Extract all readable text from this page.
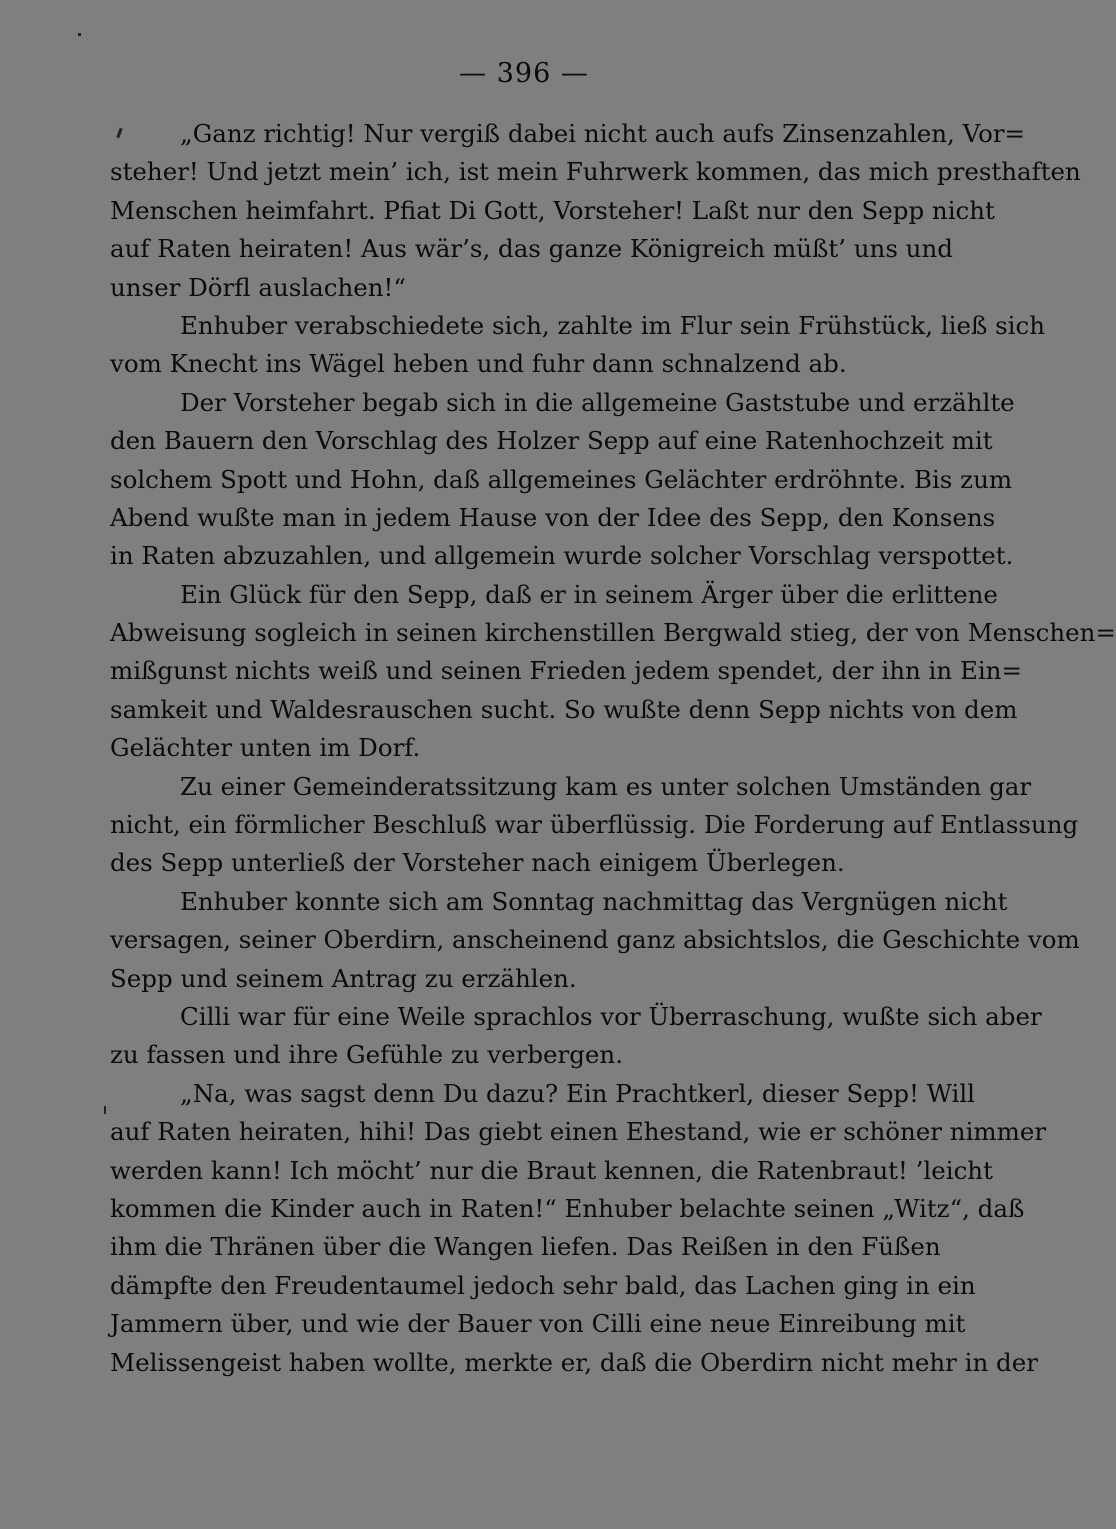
— 396 —
„Ganz richtig! Nur vergiß dabei nicht auch aufs Zinsenzahlen, Vor=
steher! Und jetzt mein’ ich, ist mein Fuhrwerk kommen, das mich presthaften
Menschen heimfahrt. Pfiat Di Gott, Vorsteher! Laßt nur den Sepp nicht
auf Raten heiraten! Aus wär’s, das ganze Königreich müßt’ uns und
unser Dörfl auslachen!“
Enhuber verabschiedete sich, zahlte im Flur sein Frühstück, ließ sich
vom Knecht ins Wägel heben und fuhr dann schnalzend ab.
Der Vorsteher begab sich in die allgemeine Gaststube und erzählte
den Bauern den Vorschlag des Holzer Sepp auf eine Ratenhochzeit mit
solchem Spott und Hohn, daß allgemeines Gelächter erdröhnte. Bis zum
Abend wußte man in jedem Hause von der Idee des Sepp, den Konsens
in Raten abzuzahlen, und allgemein wurde solcher Vorschlag verspottet.
Ein Glück für den Sepp, daß er in seinem Ärger über die erlittene
Abweisung sogleich in seinen kirchenstillen Bergwald stieg, der von Menschen=
mißgunst nichts weiß und seinen Frieden jedem spendet, der ihn in Ein=
samkeit und Waldesrauschen sucht. So wußte denn Sepp nichts von dem
Gelächter unten im Dorf.
Zu einer Gemeinderatssitzung kam es unter solchen Umständen gar
nicht, ein förmlicher Beschluß war überflüssig. Die Forderung auf Entlassung
des Sepp unterließ der Vorsteher nach einigem Überlegen.
Enhuber konnte sich am Sonntag nachmittag das Vergnügen nicht
versagen, seiner Oberdirn, anscheinend ganz absichtslos, die Geschichte vom
Sepp und seinem Antrag zu erzählen.
Cilli war für eine Weile sprachlos vor Überraschung, wußte sich aber
zu fassen und ihre Gefühle zu verbergen.
„Na, was sagst denn Du dazu? Ein Prachtkerl, dieser Sepp! Will
auf Raten heiraten, hihi! Das giebt einen Ehestand, wie er schöner nimmer
werden kann! Ich möcht’ nur die Braut kennen, die Ratenbraut! ’leicht
kommen die Kinder auch in Raten!“ Enhuber belachte seinen „Witz“, daß
ihm die Thränen über die Wangen liefen. Das Reißen in den Füßen
dämpfte den Freudentaumel jedoch sehr bald, das Lachen ging in ein
Jammern über, und wie der Bauer von Cilli eine neue Einreibung mit
Melissengeist haben wollte, merkte er, daß die Oberdirn nicht mehr in der
